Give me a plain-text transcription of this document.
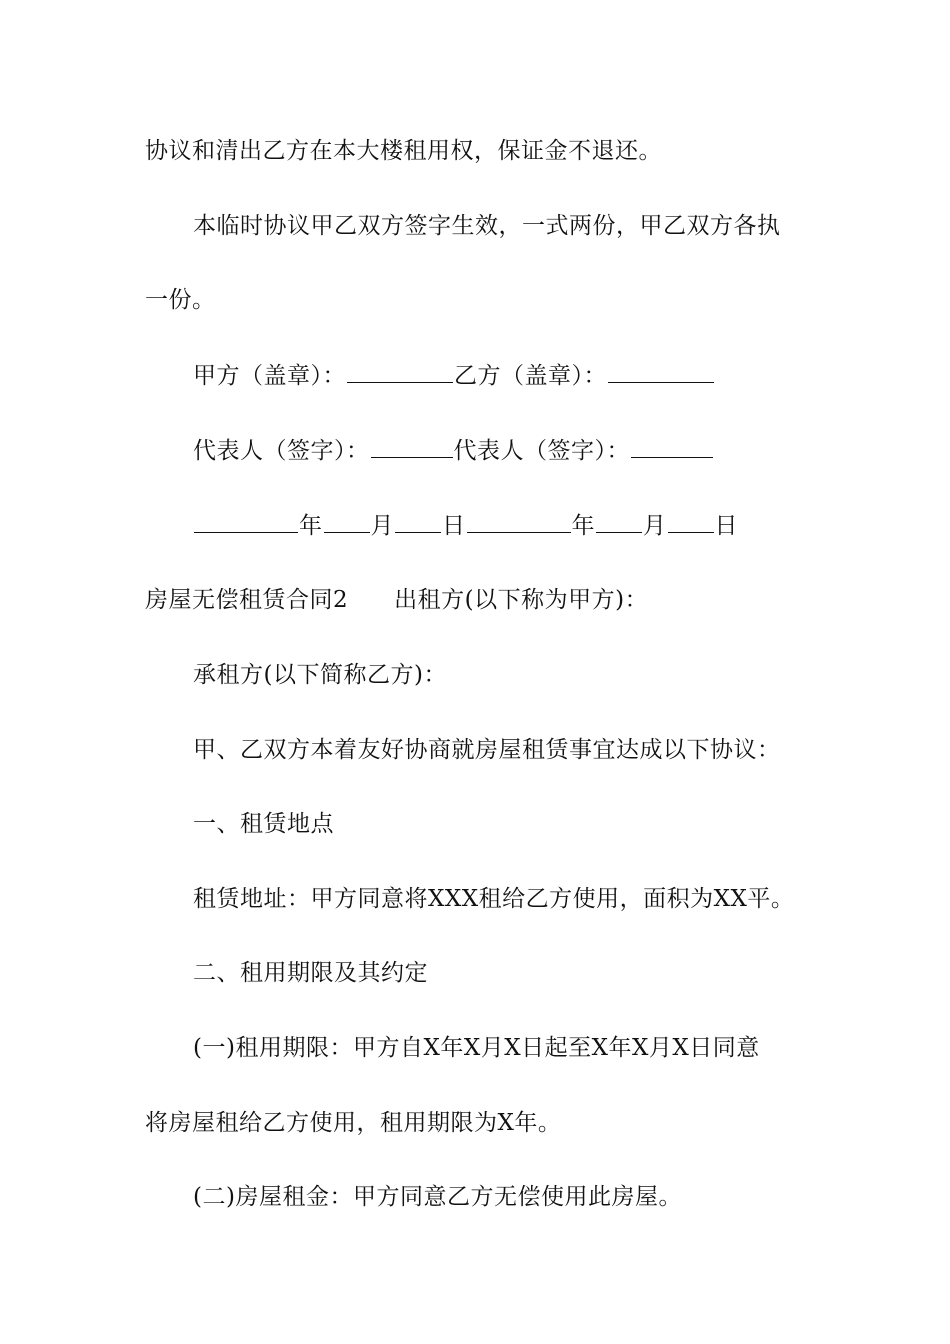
协议和清出乙方在本大楼租用权，保证金不退还。
本临时协议甲乙双方签字生效，一式两份，甲乙双方各执
一份。
甲方（盖章）：	乙方（盖章）：
代表人（签字）：	代表人（签字）：
年 月 日	年 月 日
房屋无偿租赁合同2 出租方(以下称为甲方)：
承租方(以下简称乙方)：
甲、乙双方本着友好协商就房屋租赁事宜达成以下协议：
一、租赁地点
租赁地址：甲方同意将XXX租给乙方使用，面积为XX平。
二、租用期限及其约定
(一)租用期限：甲方自X年X月X日起至X年X月X日同意
将房屋租给乙方使用，租用期限为X年。
(二)房屋租金：甲方同意乙方无偿使用此房屋。
